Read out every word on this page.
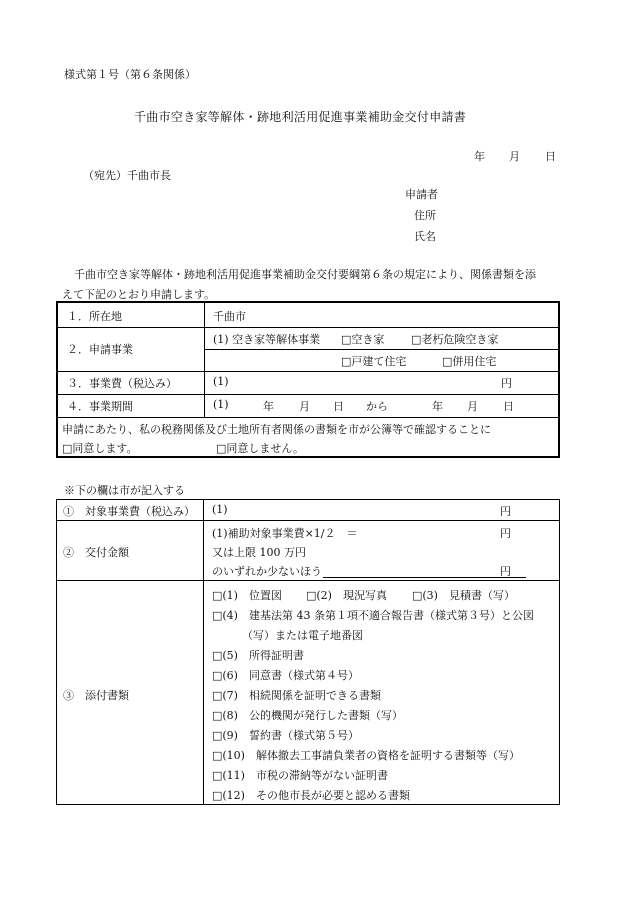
様式第１号（第６条関係）
千曲市空き家等解体・跡地利活用促進事業補助金交付申請書
年 月 日
（宛先）千曲市長
申請者
住所
氏名
千曲市空き家等解体・跡地利活用促進事業補助金交付要綱第６条の規定により、関係書類を添
えて下記のとおり申請します。
１．所在地	千曲市
２．申請事業
(1) 空き家等解体事業 □空き家 □老朽危険空き家
□戸建て住宅	□併用住宅
３．事業費（税込み）	(1)	円
４．事業期間	(1)	年 月 日 から	年 月 日
申請にあたり、私の税務関係及び土地所有者関係の書類を市が公簿等で確認することに
□同意します。	□同意しません。
※下の欄は市が記入する
①　対象事業費（税込み） (1)	円
②　交付金額
(1)補助対象事業費×1/２　＝	円
又は上限 100 万円
のいずれか少ないほう	円
③　添付書類
□(1)　位置図 □(2)　現況写真 □(3)　見積書（写）
□(4)　建基法第 43 条第１項不適合報告書（様式第３号）と公図
（写）または電子地番図
□(5)　所得証明書
□(6)　同意書（様式第４号）
□(7)　相続関係を証明できる書類
□(8)　公的機関が発行した書類（写）
□(9)　誓約書（様式第５号）
□(10)　解体撤去工事請負業者の資格を証明する書類等（写）
□(11)　市税の滞納等がない証明書
□(12)　その他市長が必要と認める書類
